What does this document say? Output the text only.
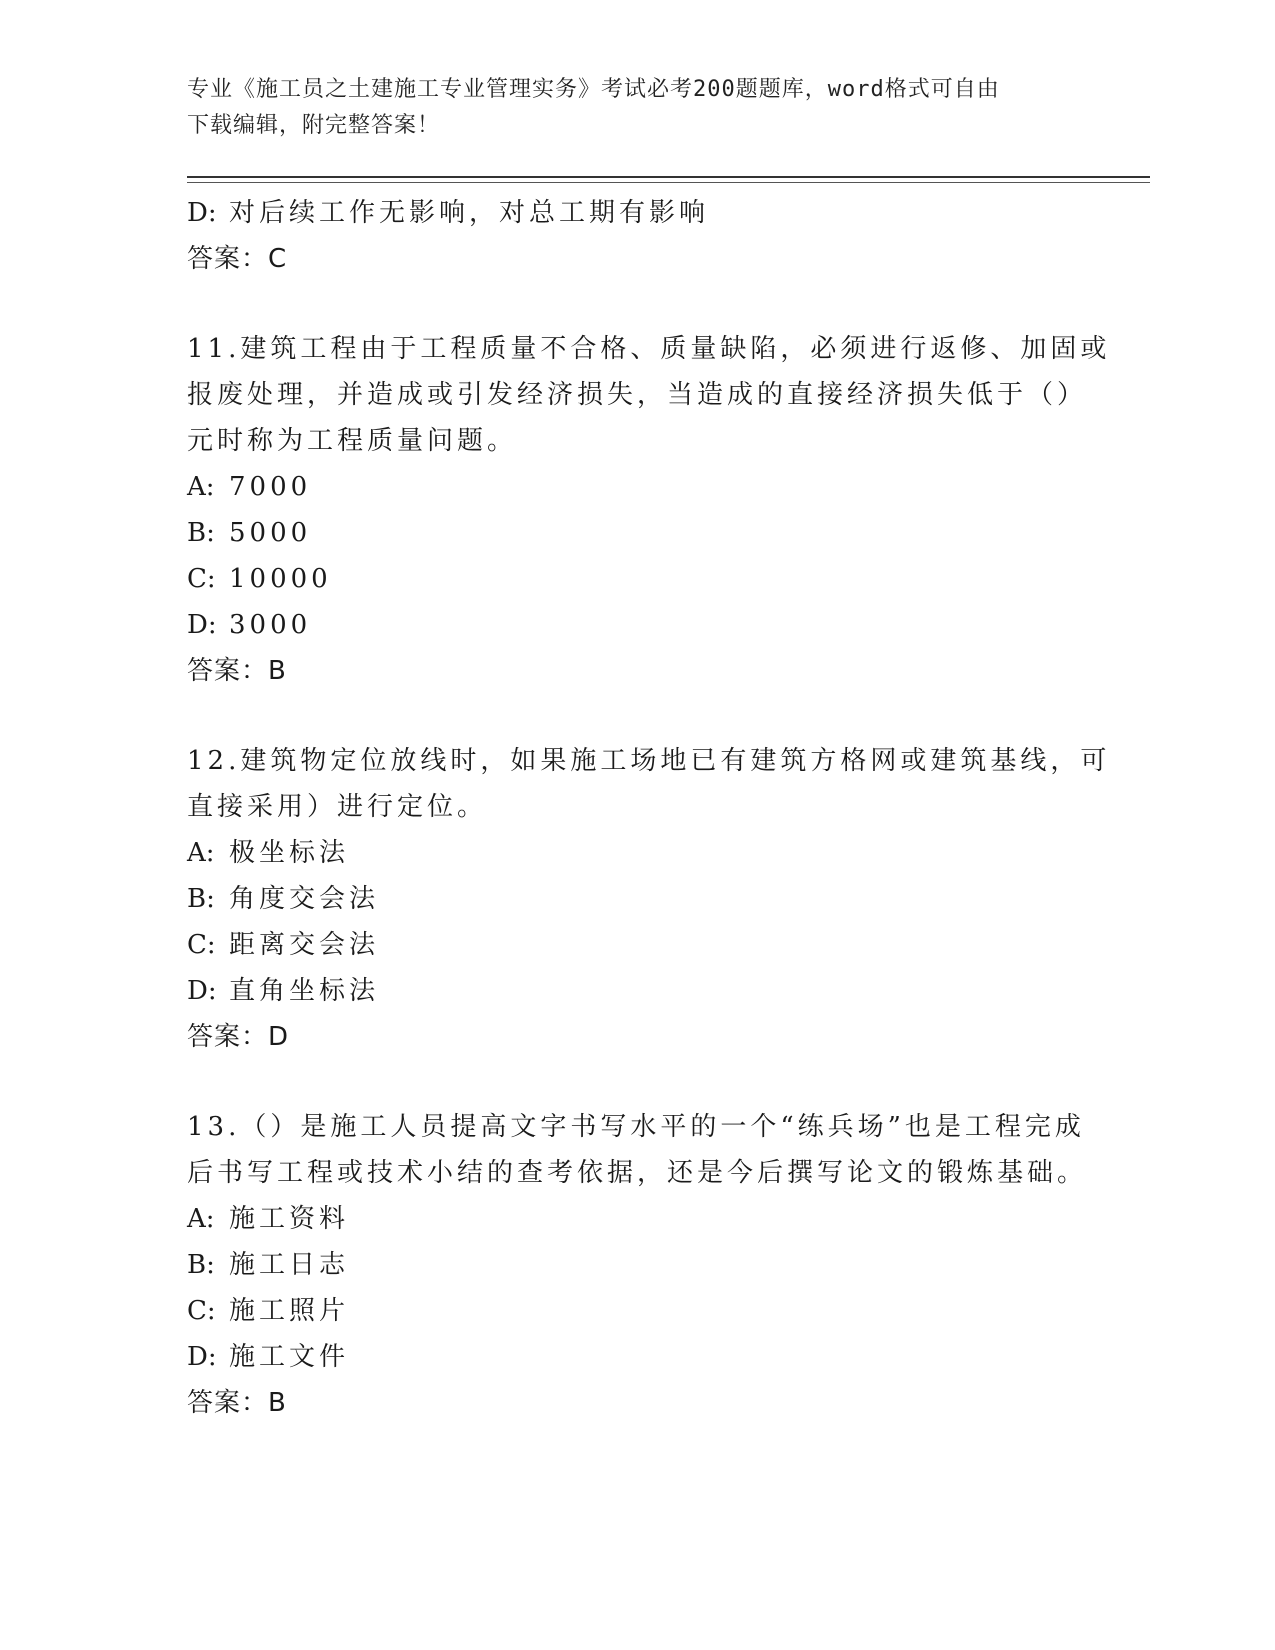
专业《施工员之土建施工专业管理实务》考试必考200题题库，word格式可自由
下载编辑，附完整答案！
D: 对后续工作无影响，对总工期有影响
答案：C
11.建筑工程由于工程质量不合格、质量缺陷，必须进行返修、加固或
报废处理，并造成或引发经济损失，当造成的直接经济损失低于（）
元时称为工程质量问题。
A: 7000
B: 5000
C: 10000
D: 3000
答案：B
12.建筑物定位放线时，如果施工场地已有建筑方格网或建筑基线，可
直接采用）进行定位。
A: 极坐标法
B: 角度交会法
C: 距离交会法
D: 直角坐标法
答案：D
13.（）是施工人员提高文字书写水平的一个“练兵场”也是工程完成
后书写工程或技术小结的查考依据，还是今后撰写论文的锻炼基础。
A: 施工资料
B: 施工日志
C: 施工照片
D: 施工文件
答案：B
